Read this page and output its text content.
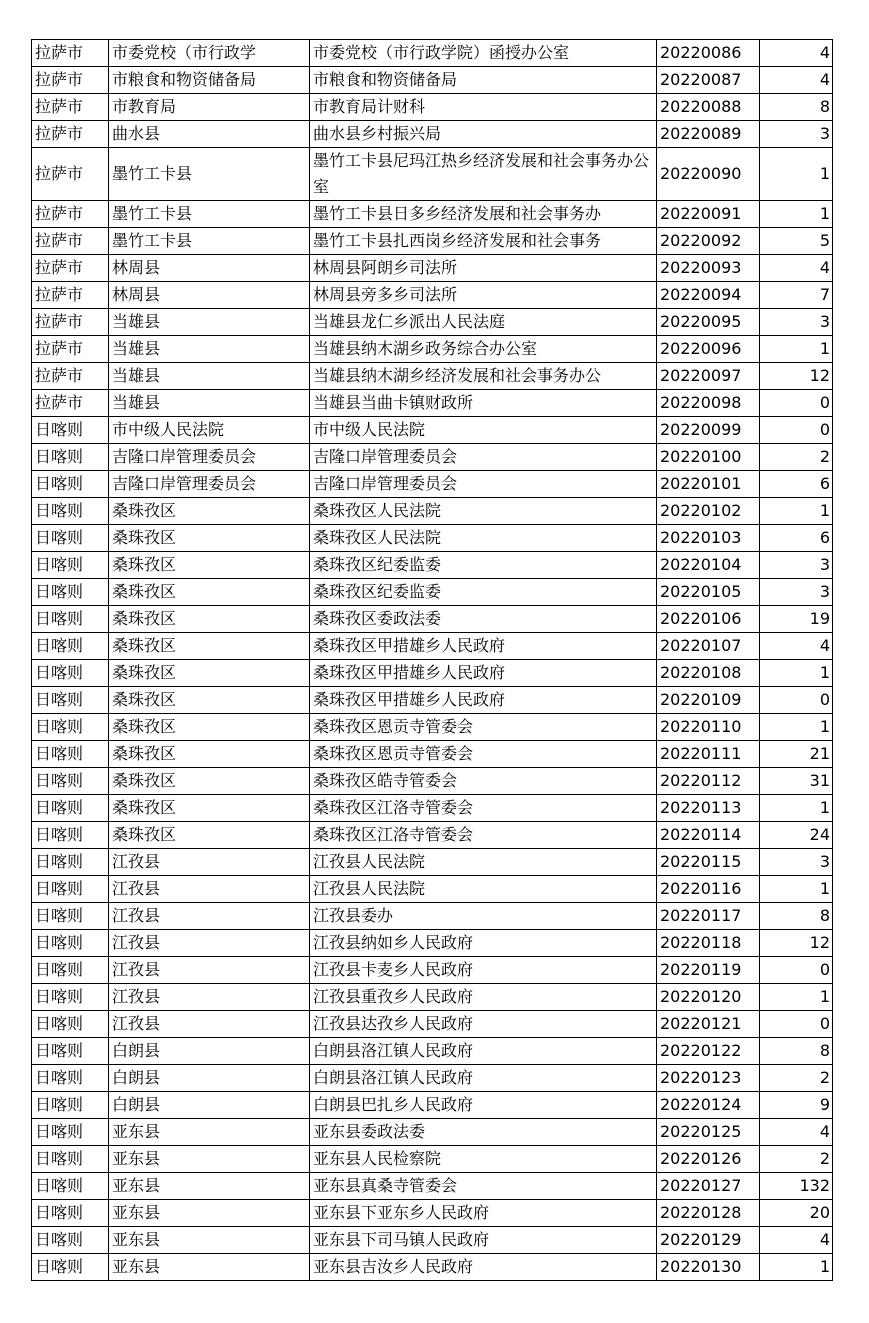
拉萨市	市委党校（市行政学	市委党校（市行政学院）函授办公室	20220086	4
拉萨市	市粮食和物资储备局	市粮食和物资储备局	20220087	4
拉萨市	市教育局	市教育局计财科	20220088	8
拉萨市	曲水县	曲水县乡村振兴局	20220089	3
拉萨市	墨竹工卡县	墨竹工卡县尼玛江热乡经济发展和社会事务办公室	20220090	1
拉萨市	墨竹工卡县	墨竹工卡县日多乡经济发展和社会事务办	20220091	1
拉萨市	墨竹工卡县	墨竹工卡县扎西岗乡经济发展和社会事务	20220092	5
拉萨市	林周县	林周县阿朗乡司法所	20220093	4
拉萨市	林周县	林周县旁多乡司法所	20220094	7
拉萨市	当雄县	当雄县龙仁乡派出人民法庭	20220095	3
拉萨市	当雄县	当雄县纳木湖乡政务综合办公室	20220096	1
拉萨市	当雄县	当雄县纳木湖乡经济发展和社会事务办公	20220097	12
拉萨市	当雄县	当雄县当曲卡镇财政所	20220098	0
日喀则	市中级人民法院	市中级人民法院	20220099	0
日喀则	吉隆口岸管理委员会	吉隆口岸管理委员会	20220100	2
日喀则	吉隆口岸管理委员会	吉隆口岸管理委员会	20220101	6
日喀则	桑珠孜区	桑珠孜区人民法院	20220102	1
日喀则	桑珠孜区	桑珠孜区人民法院	20220103	6
日喀则	桑珠孜区	桑珠孜区纪委监委	20220104	3
日喀则	桑珠孜区	桑珠孜区纪委监委	20220105	3
日喀则	桑珠孜区	桑珠孜区委政法委	20220106	19
日喀则	桑珠孜区	桑珠孜区甲措雄乡人民政府	20220107	4
日喀则	桑珠孜区	桑珠孜区甲措雄乡人民政府	20220108	1
日喀则	桑珠孜区	桑珠孜区甲措雄乡人民政府	20220109	0
日喀则	桑珠孜区	桑珠孜区恩贡寺管委会	20220110	1
日喀则	桑珠孜区	桑珠孜区恩贡寺管委会	20220111	21
日喀则	桑珠孜区	桑珠孜区皓寺管委会	20220112	31
日喀则	桑珠孜区	桑珠孜区江洛寺管委会	20220113	1
日喀则	桑珠孜区	桑珠孜区江洛寺管委会	20220114	24
日喀则	江孜县	江孜县人民法院	20220115	3
日喀则	江孜县	江孜县人民法院	20220116	1
日喀则	江孜县	江孜县委办	20220117	8
日喀则	江孜县	江孜县纳如乡人民政府	20220118	12
日喀则	江孜县	江孜县卡麦乡人民政府	20220119	0
日喀则	江孜县	江孜县重孜乡人民政府	20220120	1
日喀则	江孜县	江孜县达孜乡人民政府	20220121	0
日喀则	白朗县	白朗县洛江镇人民政府	20220122	8
日喀则	白朗县	白朗县洛江镇人民政府	20220123	2
日喀则	白朗县	白朗县巴扎乡人民政府	20220124	9
日喀则	亚东县	亚东县委政法委	20220125	4
日喀则	亚东县	亚东县人民检察院	20220126	2
日喀则	亚东县	亚东县真桑寺管委会	20220127	132
日喀则	亚东县	亚东县下亚东乡人民政府	20220128	20
日喀则	亚东县	亚东县下司马镇人民政府	20220129	4
日喀则	亚东县	亚东县吉汝乡人民政府	20220130	1
